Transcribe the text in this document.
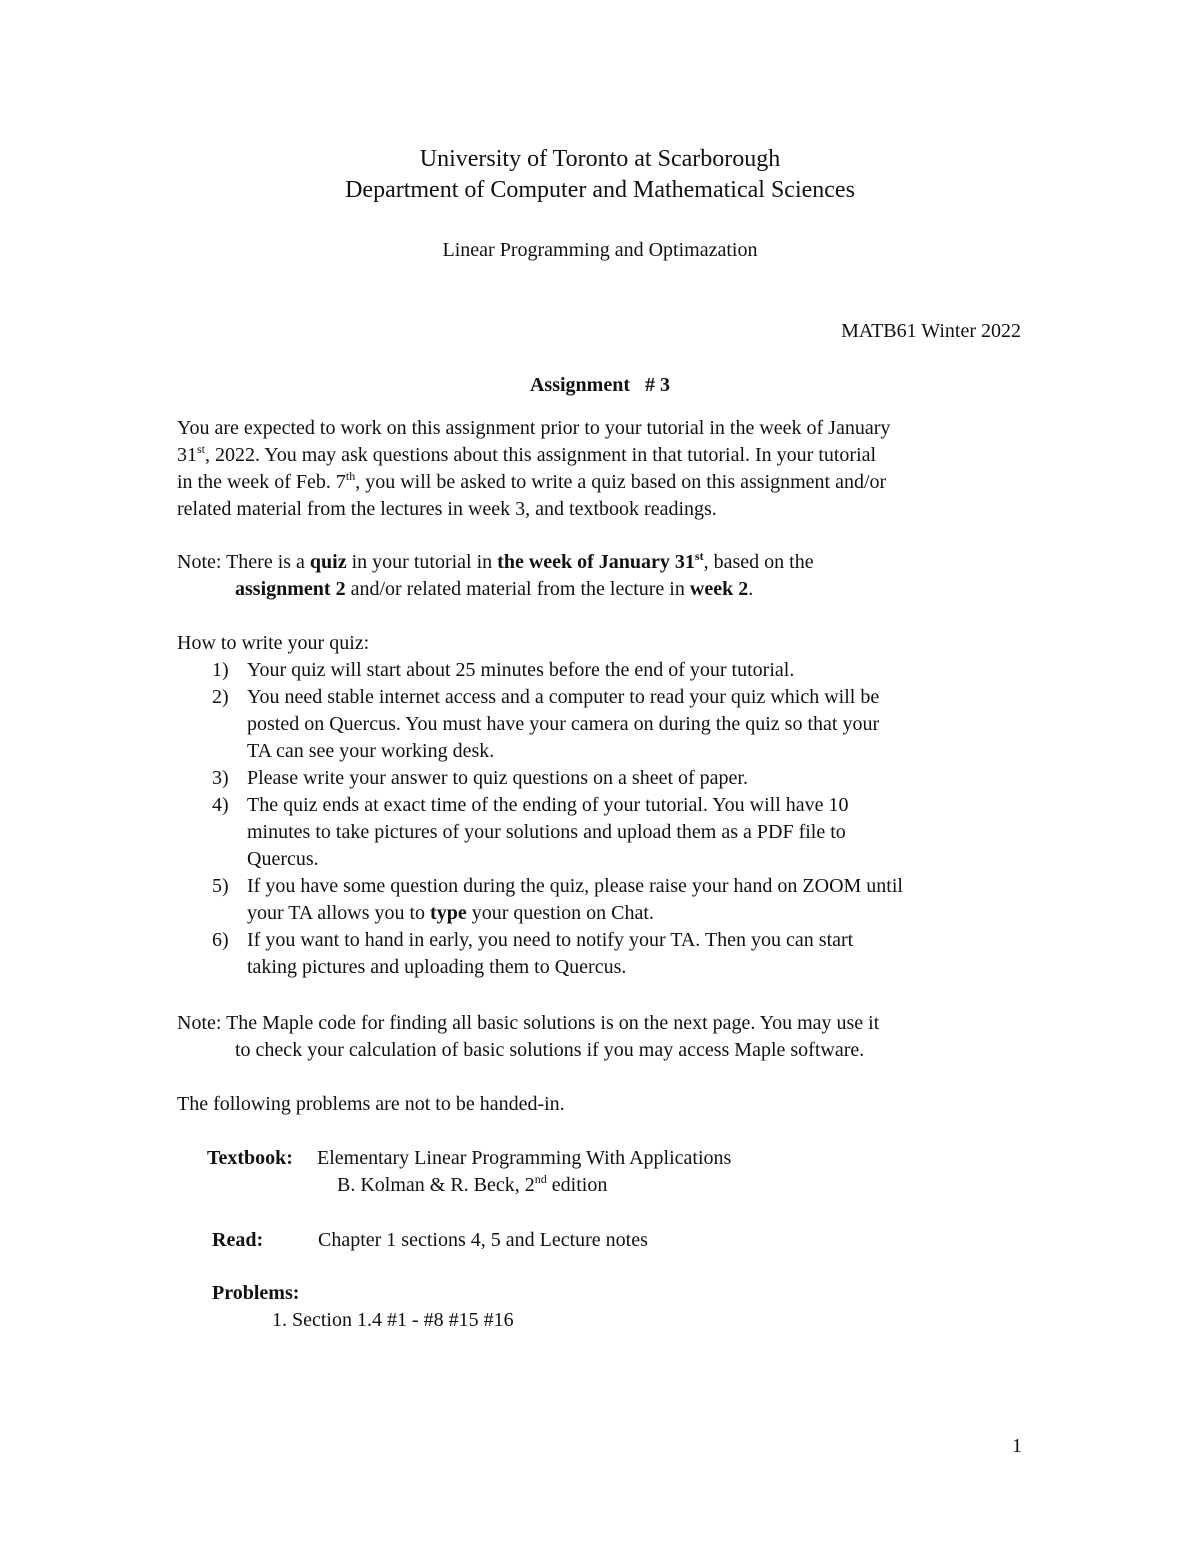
University of Toronto at Scarborough
Department of Computer and Mathematical Sciences
Linear Programming and Optimazation
MATB61 Winter 2022
Assignment   # 3
You are expected to work on this assignment prior to your tutorial in the week of January
31st, 2022. You may ask questions about this assignment in that tutorial. In your tutorial
in the week of Feb. 7th, you will be asked to write a quiz based on this assignment and/or
related material from the lectures in week 3, and textbook readings.
Note: There is a quiz in your tutorial in the week of January 31st, based on the
assignment 2 and/or related material from the lecture in week 2.
How to write your quiz:
1) Your quiz will start about 25 minutes before the end of your tutorial.
2) You need stable internet access and a computer to read your quiz which will be
posted on Quercus. You must have your camera on during the quiz so that your
TA can see your working desk.
3) Please write your answer to quiz questions on a sheet of paper.
4) The quiz ends at exact time of the ending of your tutorial. You will have 10
minutes to take pictures of your solutions and upload them as a PDF file to
Quercus.
5) If you have some question during the quiz, please raise your hand on ZOOM until
your TA allows you to type your question on Chat.
6) If you want to hand in early, you need to notify your TA. Then you can start
taking pictures and uploading them to Quercus.
Note: The Maple code for finding all basic solutions is on the next page. You may use it
to check your calculation of basic solutions if you may access Maple software.
The following problems are not to be handed-in.
Textbook: Elementary Linear Programming With Applications
B. Kolman & R. Beck, 2nd edition
Read:	Chapter 1 sections 4, 5 and Lecture notes
Problems:
1. Section 1.4 #1 - #8 #15 #16
1
